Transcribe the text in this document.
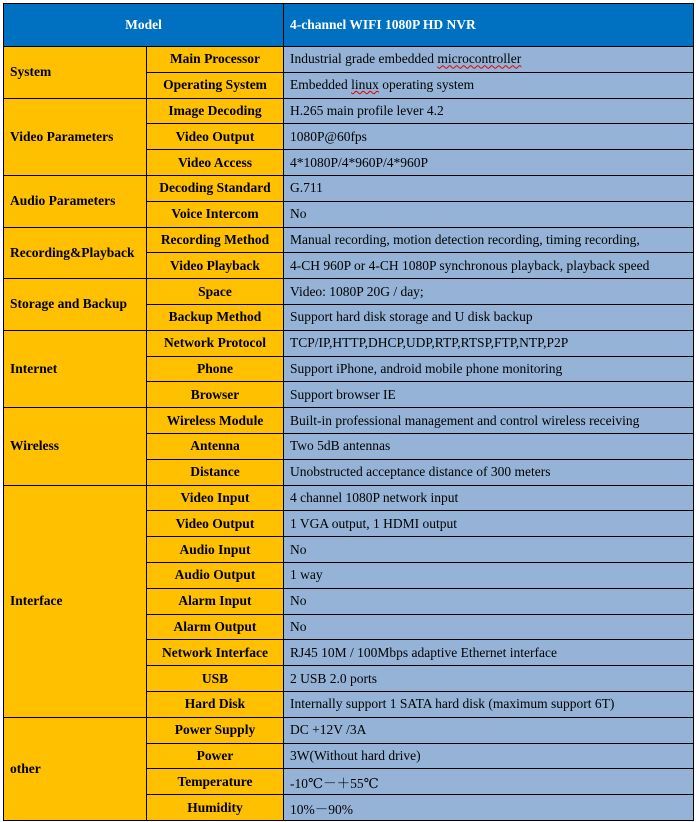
Model		4-channel WIFI 1080P HD NVR
System	Main Processor	Industrial grade embedded microcontroller
	Operating System	Embedded linux operating system
Video Parameters	Image Decoding	H.265 main profile lever 4.2
	Video Output	1080P@60fps
	Video Access	4*1080P/4*960P/4*960P
Audio Parameters	Decoding Standard	G.711
	Voice Intercom	No
Recording&Playback	Recording Method	Manual recording, motion detection recording, timing recording,
	Video Playback	4-CH 960P or 4-CH 1080P synchronous playback, playback speed
Storage and Backup	Space	Video: 1080P 20G / day;
	Backup Method	Support hard disk storage and U disk backup
Internet	Network Protocol	TCP/IP,HTTP,DHCP,UDP,RTP,RTSP,FTP,NTP,P2P
	Phone	Support iPhone, android mobile phone monitoring
	Browser	Support browser IE
Wireless	Wireless Module	Built-in professional management and control wireless receiving
	Antenna	Two 5dB antennas
	Distance	Unobstructed acceptance distance of 300 meters
Interface	Video Input	4 channel 1080P network input
	Video Output	1 VGA output, 1 HDMI output
	Audio Input	No
	Audio Output	1 way
	Alarm Input	No
	Alarm Output	No
	Network Interface	RJ45 10M / 100Mbps adaptive Ethernet interface
	USB	2 USB 2.0 ports
	Hard Disk	Internally support 1 SATA hard disk (maximum support 6T)
other	Power Supply	DC +12V /3A
	Power	3W(Without hard drive)
	Temperature	-10℃－＋55℃
	Humidity	10%－90%
